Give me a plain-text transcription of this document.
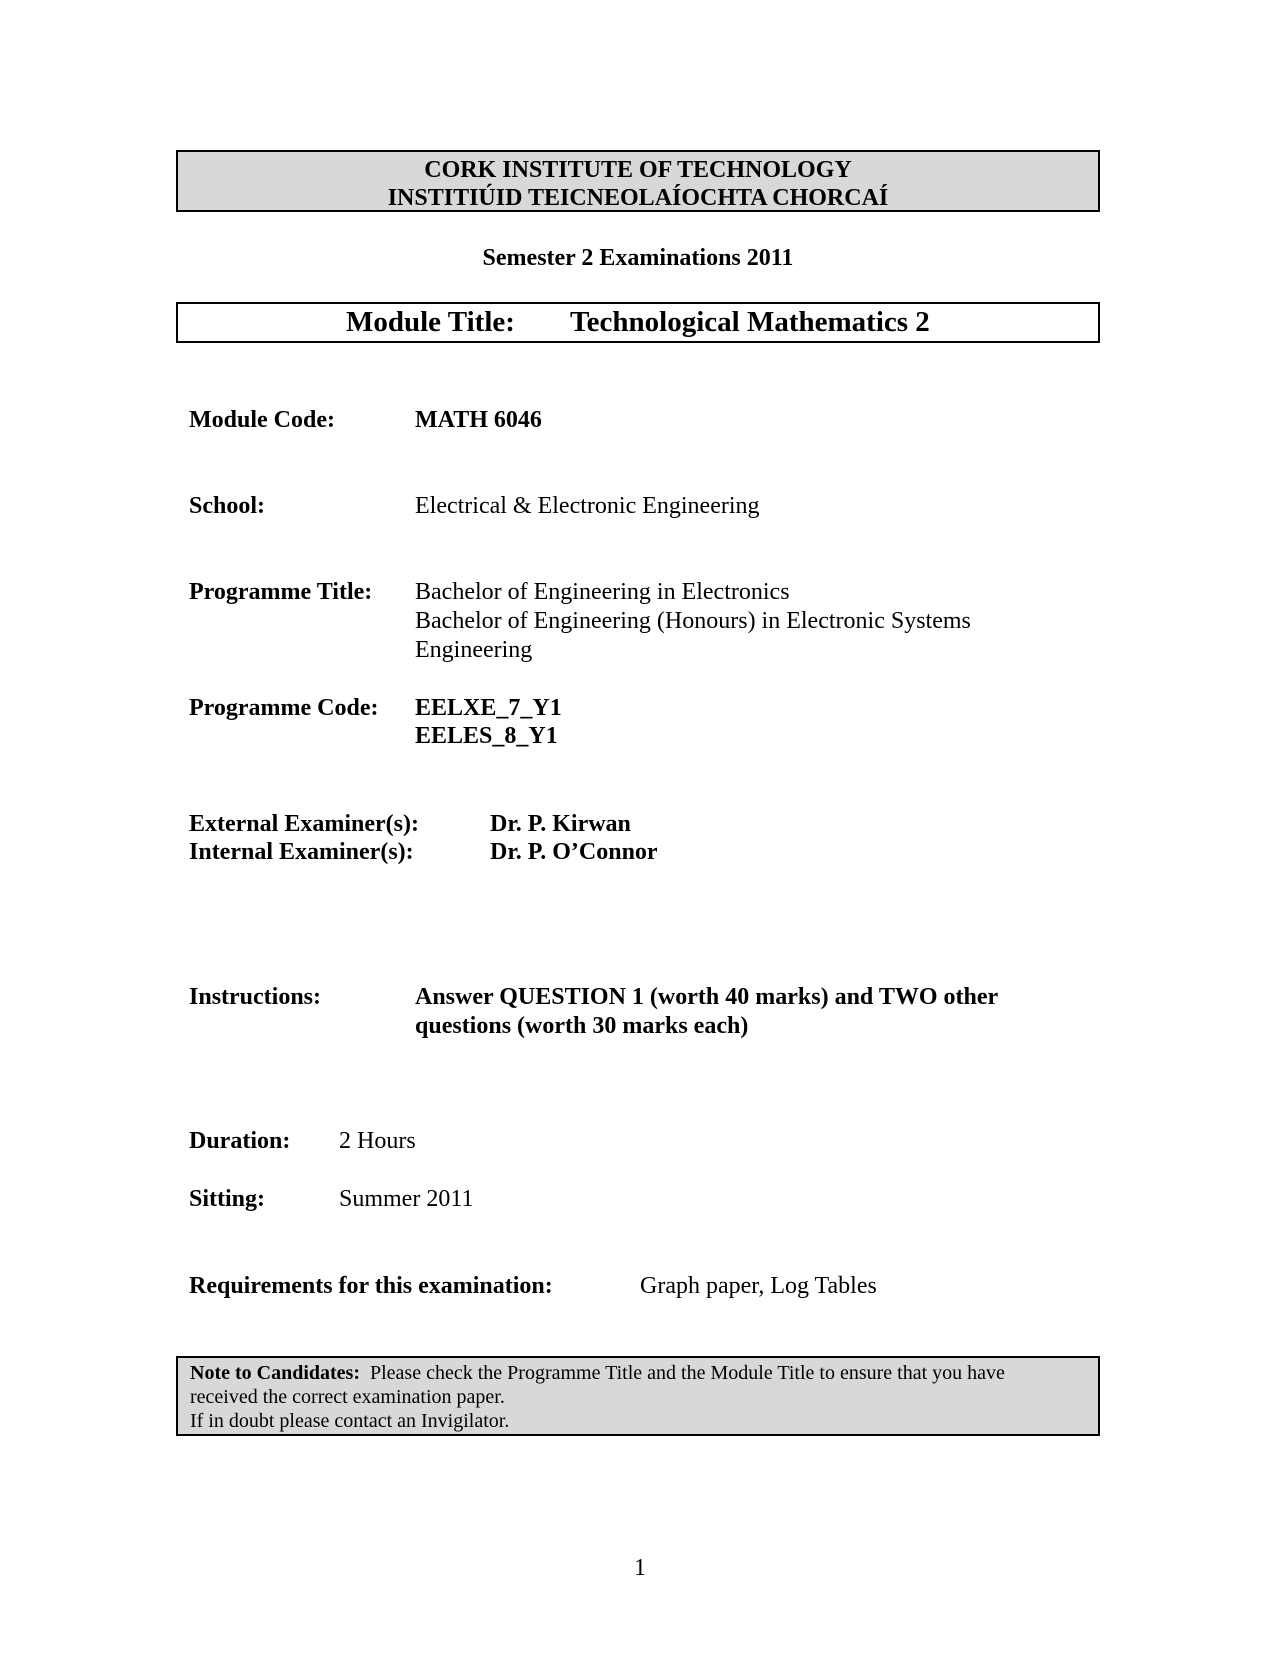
CORK INSTITUTE OF TECHNOLOGY
INSTITIÚID TEICNEOLAÍOCHTA CHORCAÍ
Semester 2 Examinations 2011
Module Title: Technological Mathematics 2
Module Code:	MATH 6046
School:	Electrical & Electronic Engineering
Programme Title: Bachelor of Engineering in Electronics
Bachelor of Engineering (Honours) in Electronic Systems
Engineering
Programme Code: EELXE_7_Y1
EELES_8_Y1
External Examiner(s):	Dr. P. Kirwan
Internal Examiner(s):	Dr. P. O’Connor
Instructions:	Answer QUESTION 1 (worth 40 marks) and TWO other
questions (worth 30 marks each)
Duration: 2 Hours
Sitting:	Summer 2011
Requirements for this examination:	Graph paper, Log Tables
Note to Candidates: Please check the Programme Title and the Module Title to ensure that you have
received the correct examination paper.
If in doubt please contact an Invigilator.
1
